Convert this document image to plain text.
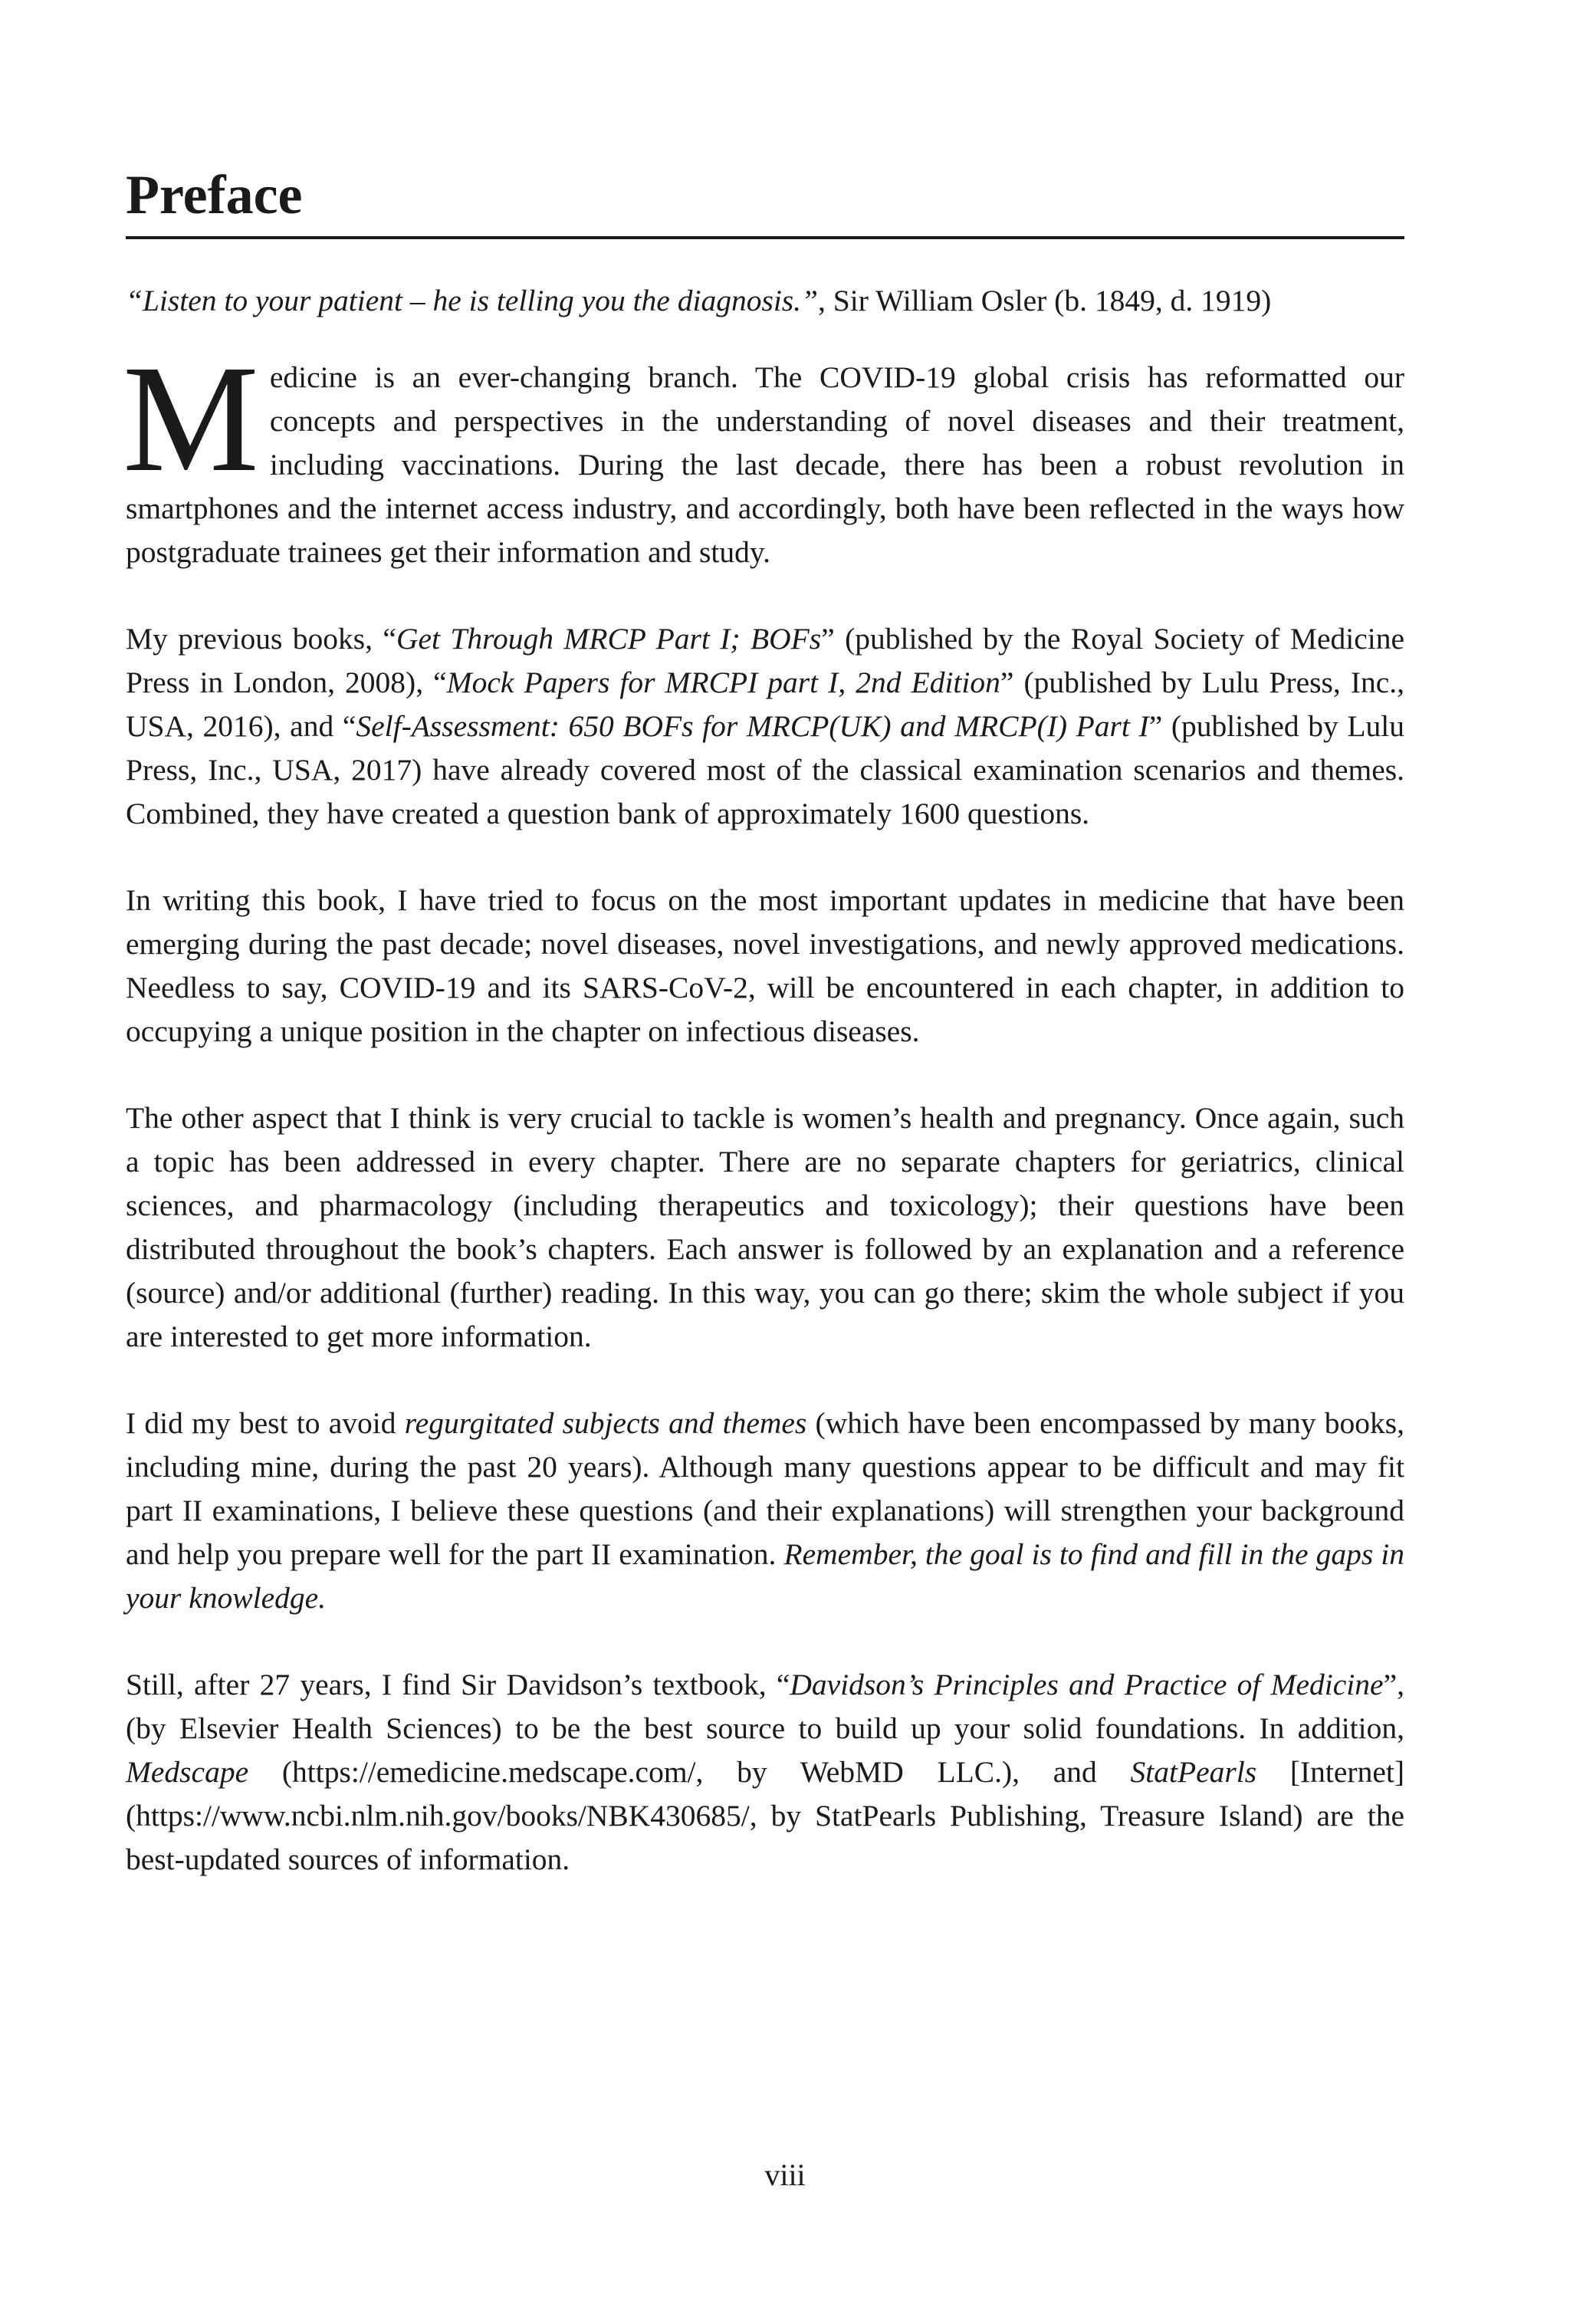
Preface

“Listen to your patient – he is telling you the diagnosis.”, Sir William Osler (b. 1849, d. 1919)

Medicine is an ever-changing branch. The COVID-19 global crisis has reformatted our concepts and perspectives in the understanding of novel diseases and their treatment, including vaccinations. During the last decade, there has been a robust revolution in smartphones and the internet access industry, and accordingly, both have been reflected in the ways how postgraduate trainees get their information and study.

My previous books, “Get Through MRCP Part I; BOFs” (published by the Royal Society of Medicine Press in London, 2008), “Mock Papers for MRCPI part I, 2nd Edition” (published by Lulu Press, Inc., USA, 2016), and “Self-Assessment: 650 BOFs for MRCP(UK) and MRCP(I) Part I” (published by Lulu Press, Inc., USA, 2017) have already covered most of the classical examination scenarios and themes. Combined, they have created a question bank of approximately 1600 questions.

In writing this book, I have tried to focus on the most important updates in medicine that have been emerging during the past decade; novel diseases, novel investigations, and newly approved medications. Needless to say, COVID-19 and its SARS-CoV-2, will be encountered in each chapter, in addition to occupying a unique position in the chapter on infectious diseases.

The other aspect that I think is very crucial to tackle is women’s health and pregnancy. Once again, such a topic has been addressed in every chapter. There are no separate chapters for geriatrics, clinical sciences, and pharmacology (including therapeutics and toxicology); their questions have been distributed throughout the book’s chapters. Each answer is followed by an explanation and a reference (source) and/or additional (further) reading. In this way, you can go there; skim the whole subject if you are interested to get more information.

I did my best to avoid regurgitated subjects and themes (which have been encompassed by many books, including mine, during the past 20 years). Although many questions appear to be difficult and may fit part II examinations, I believe these questions (and their explanations) will strengthen your background and help you prepare well for the part II examination. Remember, the goal is to find and fill in the gaps in your knowledge.

Still, after 27 years, I find Sir Davidson’s textbook, “Davidson’s Principles and Practice of Medicine”, (by Elsevier Health Sciences) to be the best source to build up your solid foundations. In addition, Medscape (https://emedicine.medscape.com/, by WebMD LLC.), and StatPearls [Internet] (https://www.ncbi.nlm.nih.gov/books/NBK430685/, by StatPearls Publishing, Treasure Island) are the best-updated sources of information.

viii
